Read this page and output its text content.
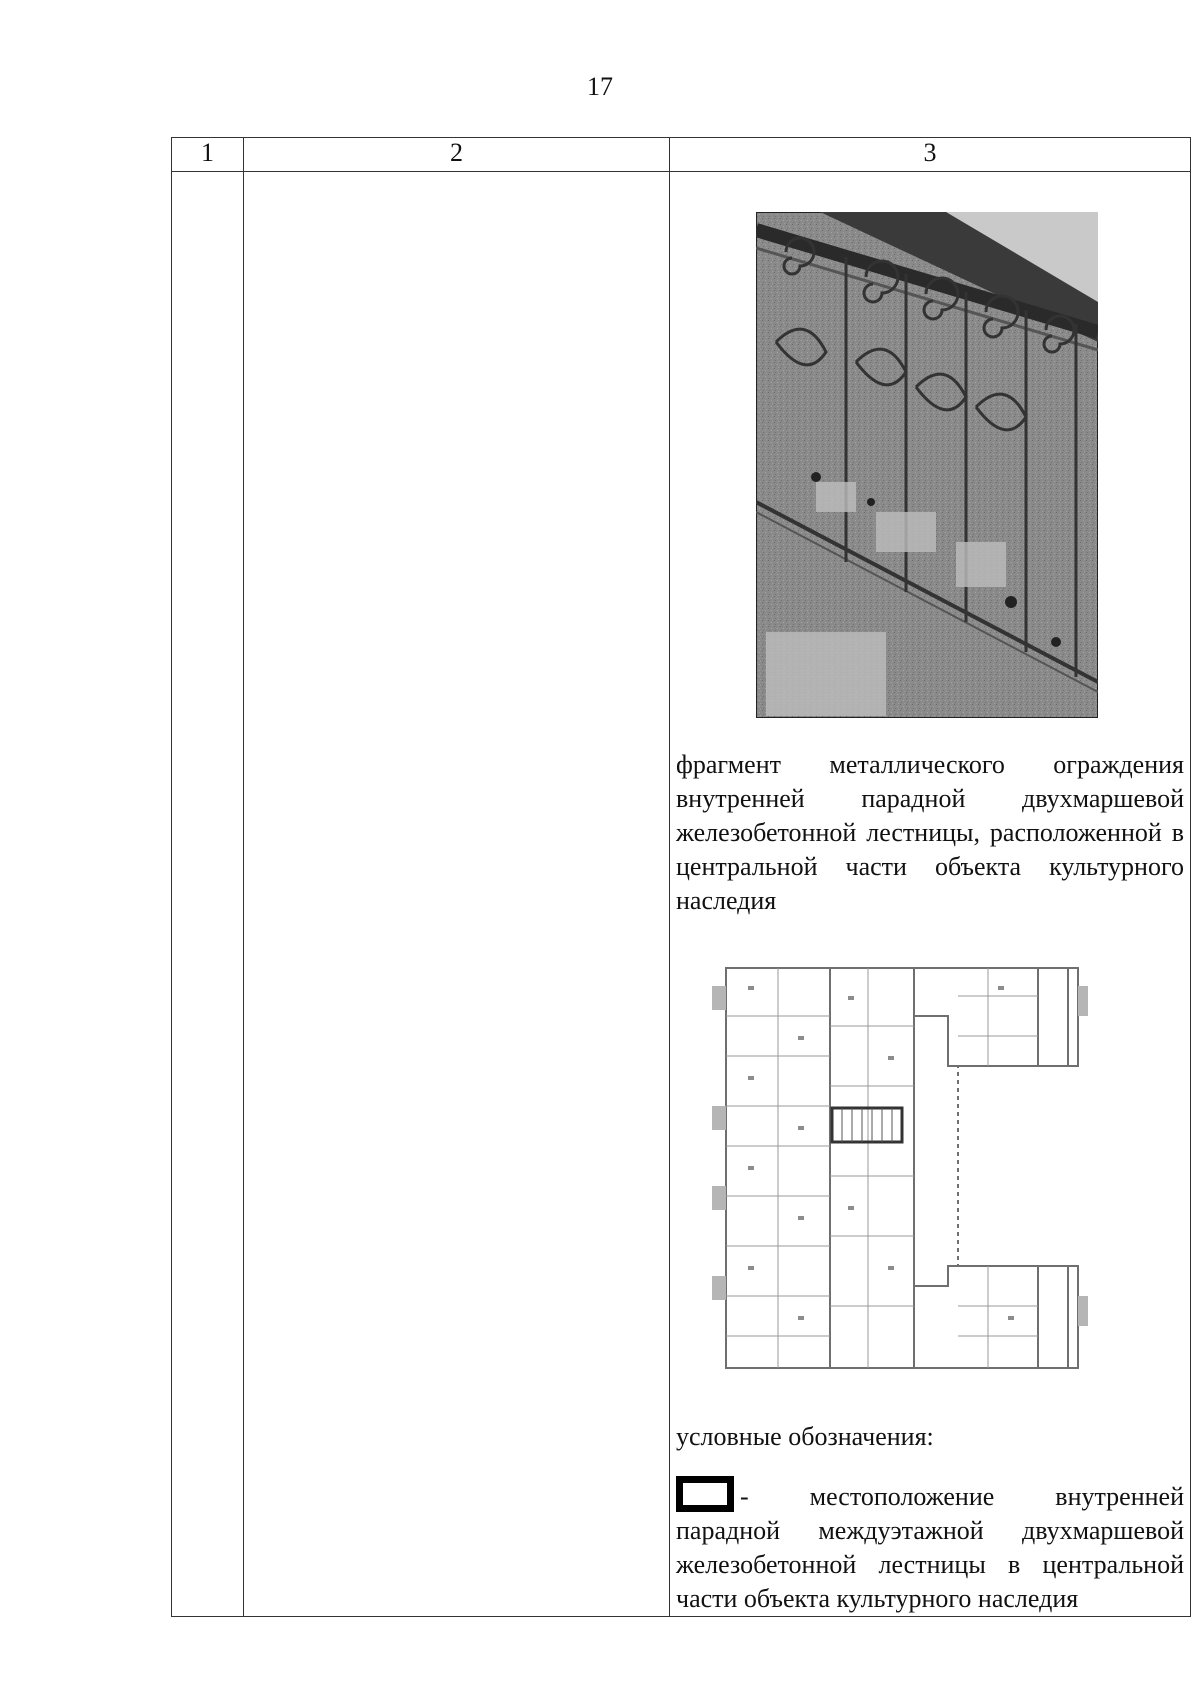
17
1	2	3

		фрагмент металлического ограждения внутренней парадной двухмаршевой железобетонной лестницы, расположенной в центральной части объекта культурного наследия

условные обозначения:

- местоположение внутренней парадной междуэтажной двухмаршевой железобетонной лестницы в центральной части объекта культурного наследия
